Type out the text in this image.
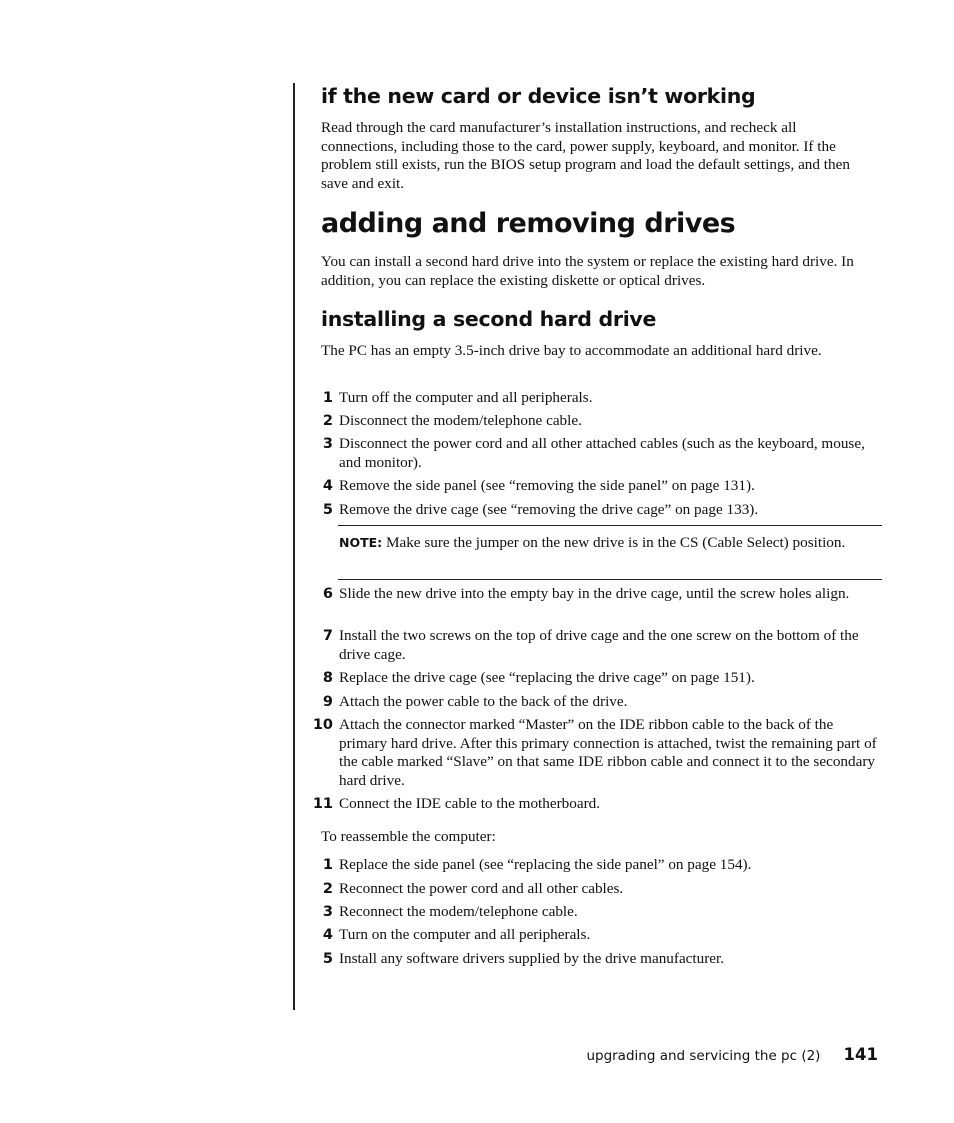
if the new card or device isn’t working

Read through the card manufacturer’s installation instructions, and recheck all connections, including those to the card, power supply, keyboard, and monitor. If the problem still exists, run the BIOS setup program and load the default settings, and then save and exit.

adding and removing drives

You can install a second hard drive into the system or replace the existing hard drive. In addition, you can replace the existing diskette or optical drives.

installing a second hard drive

The PC has an empty 3.5-inch drive bay to accommodate an additional hard drive.

1 Turn off the computer and all peripherals.
2 Disconnect the modem/telephone cable.
3 Disconnect the power cord and all other attached cables (such as the keyboard, mouse, and monitor).
4 Remove the side panel (see “removing the side panel” on page 131).
5 Remove the drive cage (see “removing the drive cage” on page 133).
NOTE: Make sure the jumper on the new drive is in the CS (Cable Select) position.
6 Slide the new drive into the empty bay in the drive cage, until the screw holes align.
7 Install the two screws on the top of drive cage and the one screw on the bottom of the drive cage.
8 Replace the drive cage (see “replacing the drive cage” on page 151).
9 Attach the power cable to the back of the drive.
10 Attach the connector marked “Master” on the IDE ribbon cable to the back of the primary hard drive. After this primary connection is attached, twist the remaining part of the cable marked “Slave” on that same IDE ribbon cable and connect it to the secondary hard drive.
11 Connect the IDE cable to the motherboard.

To reassemble the computer:

1 Replace the side panel (see “replacing the side panel” on page 154).
2 Reconnect the power cord and all other cables.
3 Reconnect the modem/telephone cable.
4 Turn on the computer and all peripherals.
5 Install any software drivers supplied by the drive manufacturer.
upgrading and servicing the pc (2) 141
